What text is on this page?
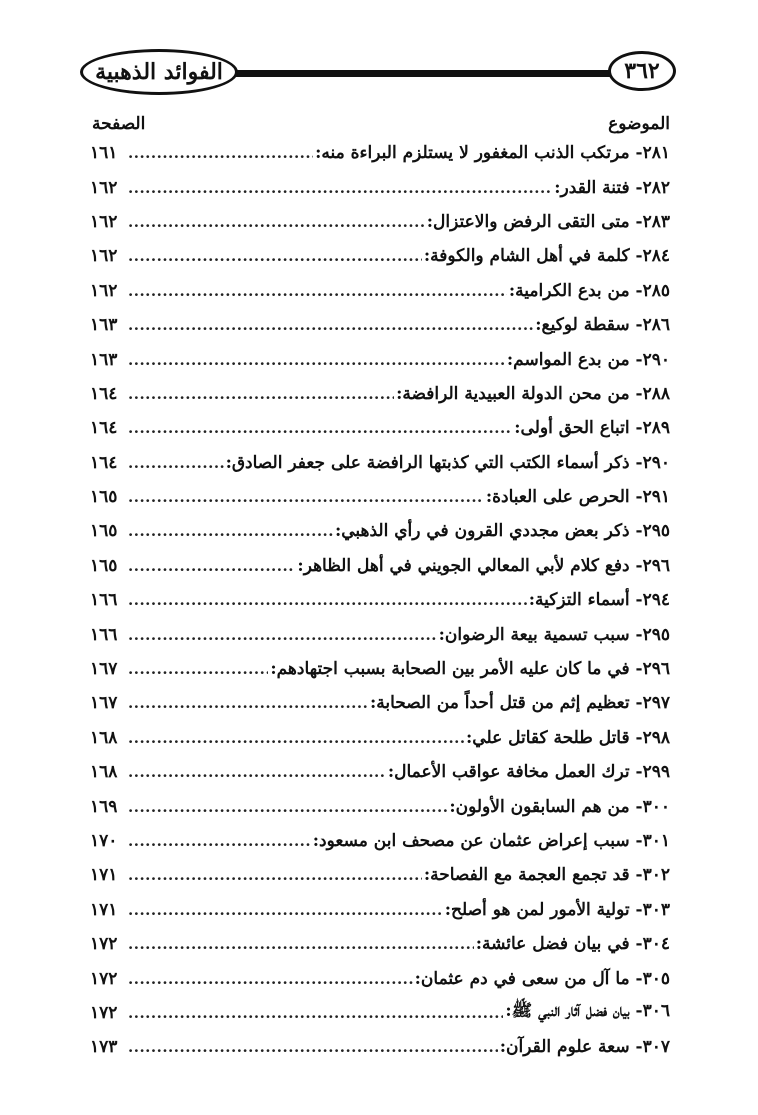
الفوائد الذهبية	٣٦٢
الموضوع
الصفحة
٢٨١- مرتكب الذنب المغفور لا يستلزم البراءة منه:
.....
١٦١
٢٨٢- فتنة القدر:
.....
١٦٢
٢٨٣- متى التقى الرفض والاعتزال:
.....
١٦٢
٢٨٤- كلمة في أهل الشام والكوفة:
.....
١٦٢
٢٨٥- من بدع الكرامية:
.....
١٦٢
٢٨٦- سقطة لوكيع:
.....
١٦٣
٢٩٠- من بدع المواسم:
.....
١٦٣
٢٨٨- من محن الدولة العبيدية الرافضة:
.....
١٦٤
٢٨٩- اتباع الحق أولى:
.....
١٦٤
٢٩٠- ذكر أسماء الكتب التي كذبتها الرافضة على جعفر الصادق:
.....
١٦٤
٢٩١- الحرص على العبادة:
.....
١٦٥
٢٩٥- ذكر بعض مجددي القرون في رأي الذهبي:
.....
١٦٥
٢٩٦- دفع كلام لأبي المعالي الجويني في أهل الظاهر:
.....
١٦٥
٢٩٤- أسماء التزكية:
.....
١٦٦
٢٩٥- سبب تسمية بيعة الرضوان:
.....
١٦٦
٢٩٦- في ما كان عليه الأمر بين الصحابة بسبب اجتهادهم:
.....
١٦٧
٢٩٧- تعظيم إثم من قتل أحداً من الصحابة:
.....
١٦٧
٢٩٨- قاتل طلحة كقاتل علي:
.....
١٦٨
٢٩٩- ترك العمل مخافة عواقب الأعمال:
.....
١٦٨
٣٠٠- من هم السابقون الأولون:
.....
١٦٩
٣٠١- سبب إعراض عثمان عن مصحف ابن مسعود:
.....
١٧٠
٣٠٢- قد تجمع العجمة مع الفصاحة:
.....
١٧١
٣٠٣- تولية الأمور لمن هو أصلح:
.....
١٧١
٣٠٤- في بيان فضل عائشة:
.....
١٧٢
٣٠٥- ما آل من سعى في دم عثمان:
.....
١٧٢
٣٠٦- بيان فضل آثار النبي ﷺ:
.....
١٧٢
٣٠٧- سعة علوم القرآن:
.....
١٧٣
